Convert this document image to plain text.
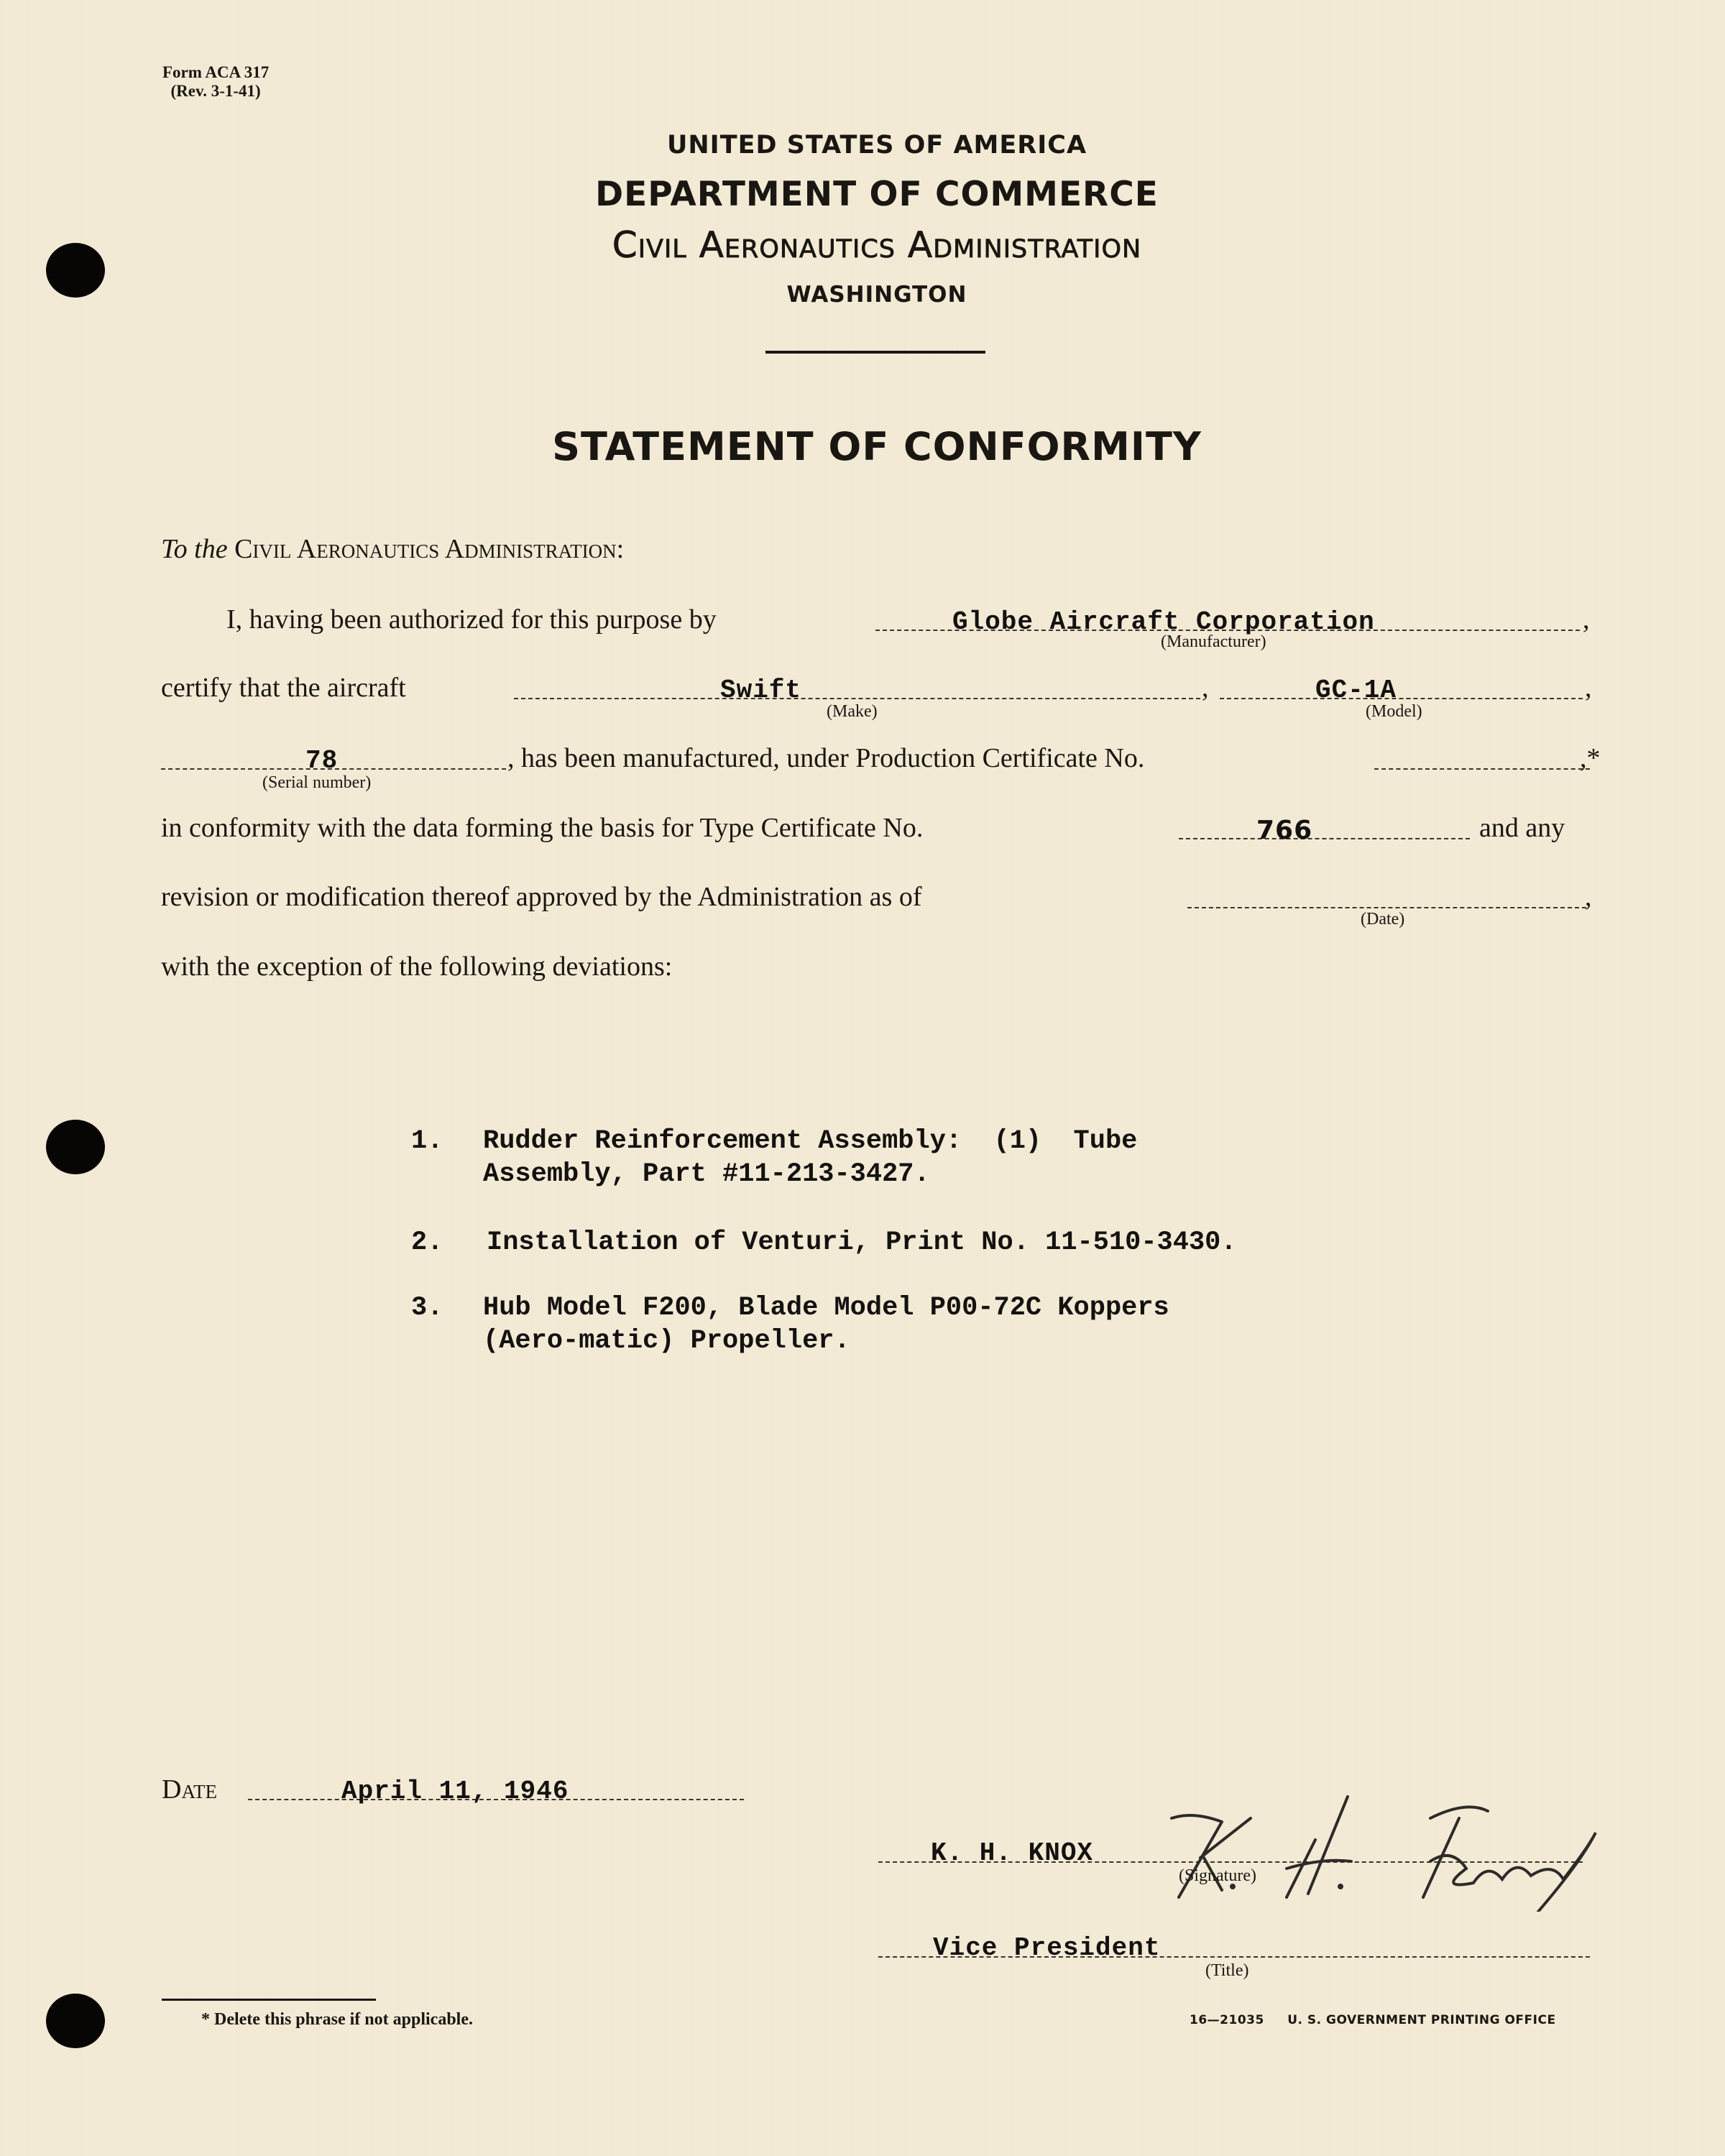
Form ACA 317
(Rev. 3-1-41)
UNITED STATES OF AMERICA
DEPARTMENT OF COMMERCE
Civil Aeronautics Administration
WASHINGTON
STATEMENT OF CONFORMITY
To the Civil Aeronautics Administration:
I, having been authorized for this purpose by	Globe Aircraft Corporation	,
(Manufacturer)
certify that the aircraft	Swift	,
(Make)
GC-1A	,
(Model)
78
(Serial number)
, has been manufactured, under Production Certificate No.	,*
in conformity with the data forming the basis for Type Certificate No.	766	and any
revision or modification thereof approved by the Administration as of	,
(Date)
with the exception of the following deviations:
1. Rudder Reinforcement Assembly:  (1)  Tube
Assembly, Part #11-213-3427.
2. Installation of Venturi, Print No. 11-510-3430.
3. Hub Model F200, Blade Model P00-72C Koppers
(Aero-matic) Propeller.
Date	April 11, 1946
K. H. KNOX
(Signature)
Vice President
(Title)
* Delete this phrase if not applicable.	16—21035 U. S. GOVERNMENT PRINTING OFFICE
